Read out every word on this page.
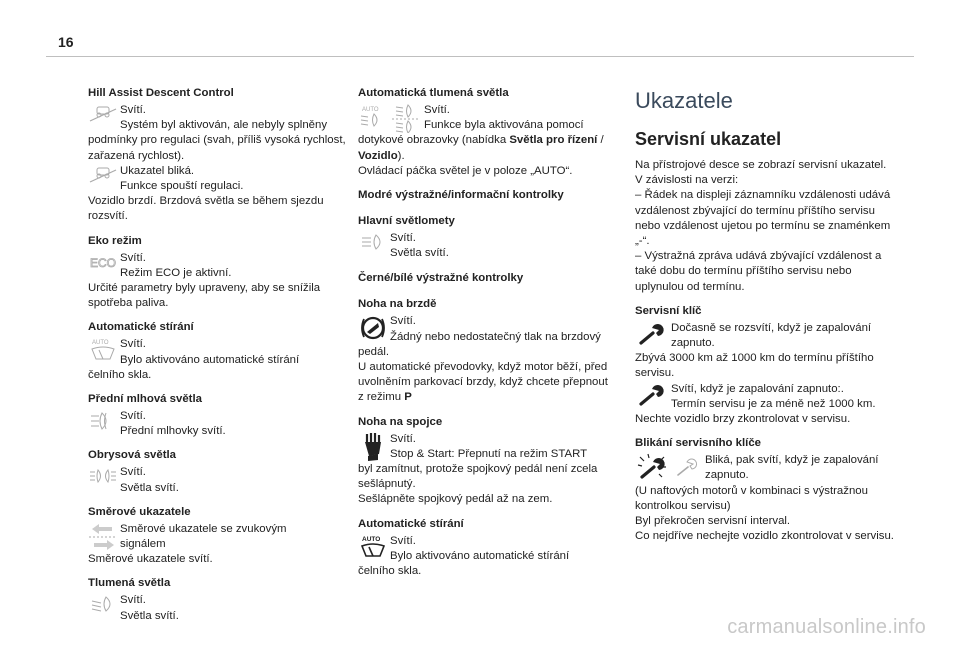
16
Hill Assist Descent Control

Svítí.

Systém byl aktivován, ale nebyly splněny

podmínky pro regulaci (svah, příliš vysoká rychlost, zařazená rychlost).

Ukazatel bliká.

Funkce spouští regulaci.

Vozidlo brzdí. Brzdová světla se během sjezdu rozsvítí.

Eko režim
ECO Svítí.

Režim ECO je aktivní.

Určité parametry byly upraveny, aby se snížila spotřeba paliva.

Automatické stírání
AUTO Svítí.

Bylo aktivováno automatické stírání

čelního skla.

Přední mlhová světla

Svítí.

Přední mlhovky svítí.

Obrysová světla

Svítí.

Světla svítí.

Směrové ukazatele

Směrové ukazatele se zvukovým

signálem

Směrové ukazatele svítí.

Tlumená světla

Svítí.

Světla svítí.

Automatická tlumená světla
AUTO	Svítí.

Funkce byla aktivována pomocí

dotykové obrazovky (nabídka Světla pro řízení / Vozidlo).

Ovládací páčka světel je v poloze „AUTO“.

Modré výstražné/informační kontrolky
Hlavní světlomety

Svítí.

Světla svítí.

Černé/bílé výstražné kontrolky
Noha na brzdě

Svítí.

Žádný nebo nedostatečný tlak na brzdový

pedál.

U automatické převodovky, když motor běží, před uvolněním parkovací brzdy, když chcete přepnout z režimu P

Noha na spojce

Svítí.

Stop & Start: Přepnutí na režim START

byl zamítnut, protože spojkový pedál není zcela sešlápnutý.

Sešlápněte spojkový pedál až na zem.

Automatické stírání
AUTO Svítí.

Bylo aktivováno automatické stírání

čelního skla.

Ukazatele
Servisní ukazatel

Na přístrojové desce se zobrazí servisní ukazatel. V závislosti na verzi:

– Řádek na displeji záznamníku vzdálenosti udává vzdálenost zbývající do termínu příštího servisu nebo vzdálenost ujetou po termínu se znaménkem „-“.

– Výstražná zpráva udává zbývající vzdálenost a také dobu do termínu příštího servisu nebo uplynulou od termínu.

Servisní klíč

Dočasně se rozsvítí, když je zapalování

zapnuto.

Zbývá 3000 km až 1000 km do termínu příštího servisu.

Svítí, když je zapalování zapnuto:.

Termín servisu je za méně než 1000 km.

Nechte vozidlo brzy zkontrolovat v servisu.

Blikání servisního klíče

Bliká, pak svítí, když je zapalování

zapnuto.

(U naftových motorů v kombinaci s výstražnou kontrolkou servisu)

Byl překročen servisní interval.

Co nejdříve nechejte vozidlo zkontrolovat v servisu.

carmanualsonline.info
